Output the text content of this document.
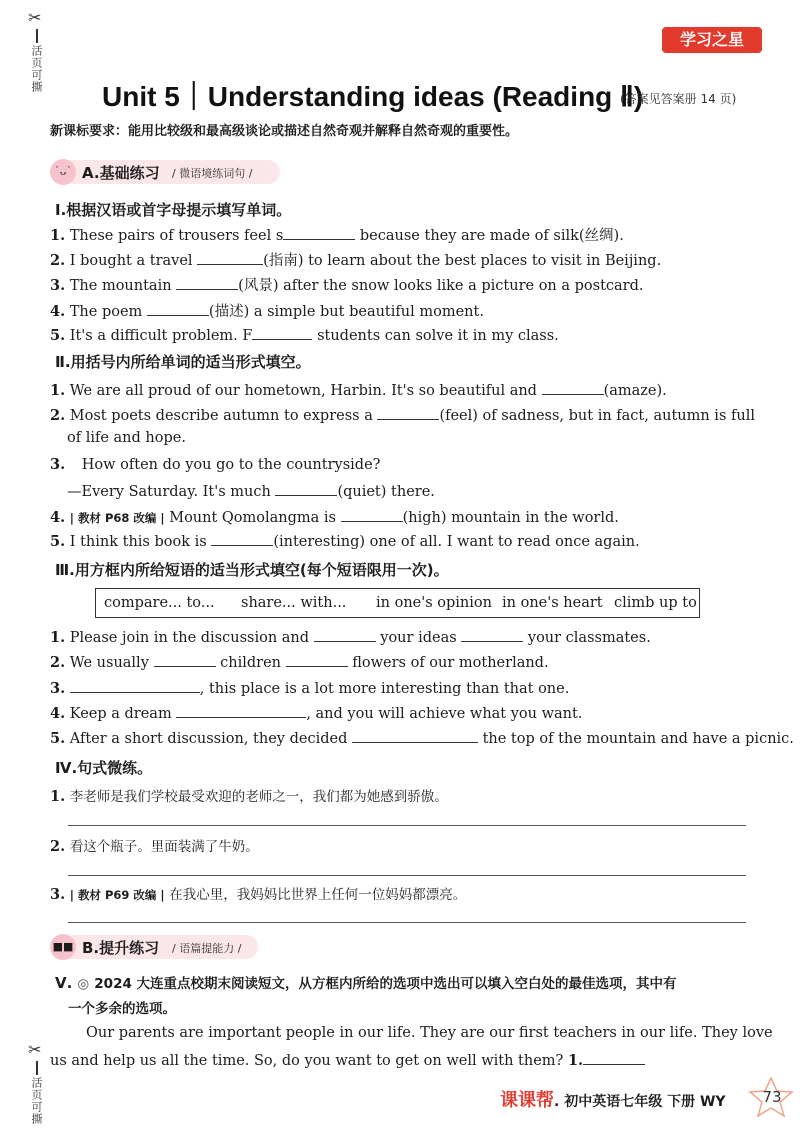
✂
活页可撕
✂
活页可撕
学习之星
Unit 5｜Understanding ideas (Reading Ⅱ)
(答案见答案册 14 页)
新课标要求：能用比较级和最高级谈论或描述自然奇观并解释自然奇观的重要性。
˙ᴗ˙ A.基础练习 / 微语境练词句 /
Ⅰ.根据汉语或首字母提示填写单词。
1. These pairs of trousers feel s	because they are made of silk(丝绸).
2. I bought a travel	(指南) to learn about the best places to visit in Beijing.
3. The mountain	(风景) after the snow looks like a picture on a postcard.
4. The poem	(描述) a simple but beautiful moment.
5. It's a difficult problem. F	students can solve it in my class.
Ⅱ.用括号内所给单词的适当形式填空。
1. We are all proud of our hometown, Harbin. It's so beautiful and	(amaze).
2. Most poets describe autumn to express a	(feel) of sadness, but in fact, autumn is full
of life and hope.
3. How often do you go to the countryside?
—Every Saturday. It's much	(quiet) there.
4. | 教材 P68 改编 | Mount Qomolangma is	(high) mountain in the world.
5. I think this book is	(interesting) one of all. I want to read once again.
Ⅲ.用方框内所给短语的适当形式填空(每个短语限用一次)。
compare... to... share... with... in one's opinion in one's heart climb up to
1. Please join in the discussion and	your ideas	your classmates.
2. We usually	children	flowers of our motherland.
3.	, this place is a lot more interesting than that one.
4. Keep a dream	, and you will achieve what you want.
5. After a short discussion, they decided	the top of the mountain and have a picnic.
Ⅳ.句式微练。
1. 李老师是我们学校最受欢迎的老师之一，我们都为她感到骄傲。
2. 看这个瓶子。里面装满了牛奶。
3. | 教材 P69 改编 | 在我心里，我妈妈比世界上任何一位妈妈都漂亮。
■■ B.提升练习 / 语篇提能力 /
Ⅴ. ◎ 2024 大连重点校期末阅读短文，从方框内所给的选项中选出可以填入空白处的最佳选项，其中有
一个多余的选项。
Our parents are important people in our life. They are our first teachers in our life. They love
us and help us all the time. So, do you want to get on well with them? 1.
课课帮. 初中英语七年级 下册 WY	73
